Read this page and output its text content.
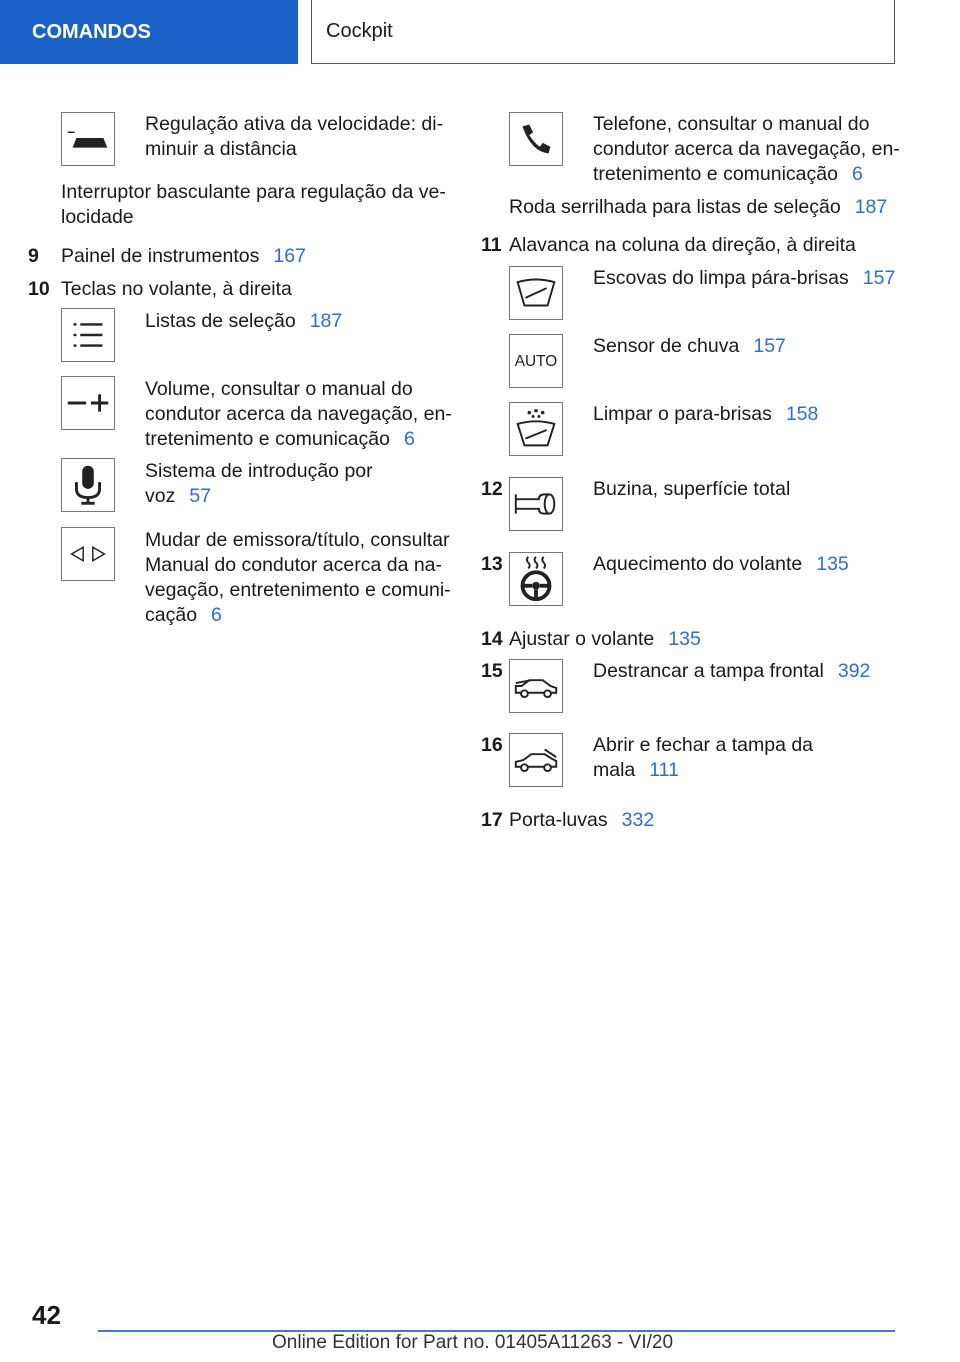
COMANDOS	Cockpit
Regulação ativa da velocidade: di-
minuir a distância
Interruptor basculante para regulação da ve-
locidade
9 Painel de instrumentos 167
10 Teclas no volante, à direita
Listas de seleção 187
Volume, consultar o manual do
condutor acerca da navegação, en-
tretenimento e comunicação 6
Sistema de introdução por
voz 57
Mudar de emissora/título, consultar
Manual do condutor acerca da na-
vegação, entretenimento e comuni-
cação 6
Telefone, consultar o manual do
condutor acerca da navegação, en-
tretenimento e comunicação 6
Roda serrilhada para listas de seleção 187
11 Alavanca na coluna da direção, à direita
Escovas do limpa pára-brisas 157
AUTO
Sensor de chuva 157
Limpar o para-brisas 158
12	Buzina, superfície total
13	Aquecimento do volante 135
14 Ajustar o volante 135
15	Destrancar a tampa frontal 392
16	Abrir e fechar a tampa da
mala 111
17 Porta-luvas 332
42
Online Edition for Part no. 01405A11263 - VI/20
